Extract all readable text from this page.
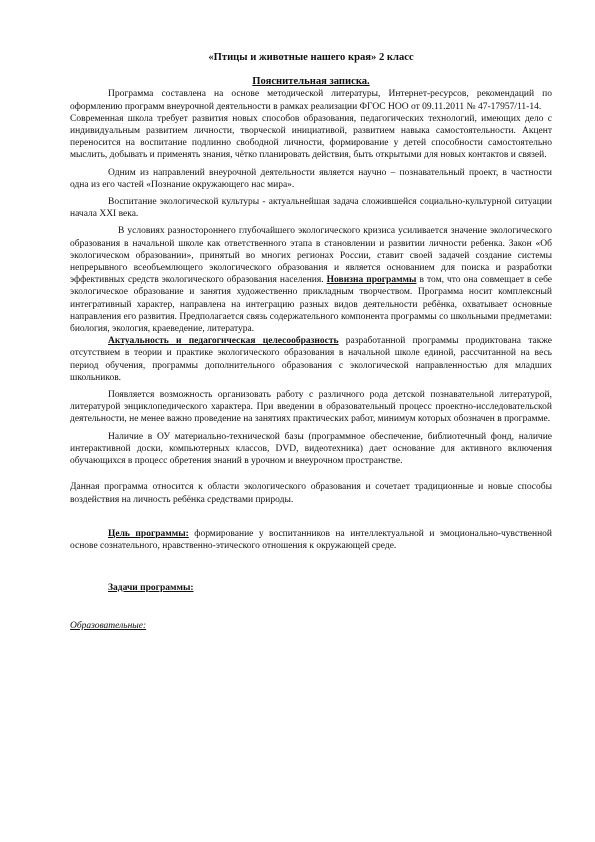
«Птицы и животные нашего края» 2 класс
Пояснительная записка.

Программа составлена на основе методической литературы, Интернет-ресурсов, рекомендаций по оформлению программ внеурочной деятельности в рамках реализации ФГОС НОО от 09.11.2011 № 47-17957/11-14.

Современная школа требует развития новых способов образования, педагогических технологий, имеющих дело с индивидуальным развитием личности, творческой инициативой, развитием навыка самостоятельности. Акцент переносится на воспитание подлинно свободной личности, формирование у детей способности самостоятельно мыслить, добывать и применять знания, чётко планировать действия, быть открытыми для новых контактов и связей.

Одним из направлений внеурочной деятельности является научно – познавательный проект, в частности одна из его частей «Познание окружающего нас мира».

Воспитание экологической культуры - актуальнейшая задача сложившейся социально-культурной ситуации начала XXI века.

В условиях разностороннего глубочайшего экологического кризиса усиливается значение экологического образования в начальной школе как ответственного этапа в становлении и развитии личности ребенка. Закон «Об экологическом образовании», принятый во многих регионах России, ставит своей задачей создание системы непрерывного всеобъемлющего экологического образования и является основанием для поиска и разработки эффективных средств экологического образования населения. Новизна программы в том, что она совмещает в себе экологическое образование и занятия художественно прикладным творчеством. Программа носит комплексный интегративный характер, направлена на интеграцию разных видов деятельности ребёнка, охватывает основные направления его развития. Предполагается связь содержательного компонента программы со школьными предметами: биология, экология, краеведение, литература.

Актуальность и педагогическая целесообразность разработанной программы продиктована также отсутствием в теории и практике экологического образования в начальной школе единой, рассчитанной на весь период обучения, программы дополнительного образования с экологической направленностью для младших школьников.

Появляется возможность организовать работу с различного рода детской познавательной литературой, литературой энциклопедического характера. При введении в образовательный процесс проектно-исследовательской деятельности, не менее важно проведение на занятиях практических работ, минимум которых обозначен в программе.

Наличие в ОУ материально-технической базы (программное обеспечение, библиотечный фонд, наличие интерактивной доски, компьютерных классов, DVD, видеотехника) дает основание для активного включения обучающихся в процесс обретения знаний в урочном и внеурочном пространстве.

Данная программа относится к области экологического образования и сочетает традиционные и новые способы воздействия на личность ребёнка средствами природы.

Цель программы: формирование у воспитанников на интеллектуальной и эмоционально-чувственной основе сознательного, нравственно-этического отношения к окружающей среде.

Задачи программы:

Образовательные:
